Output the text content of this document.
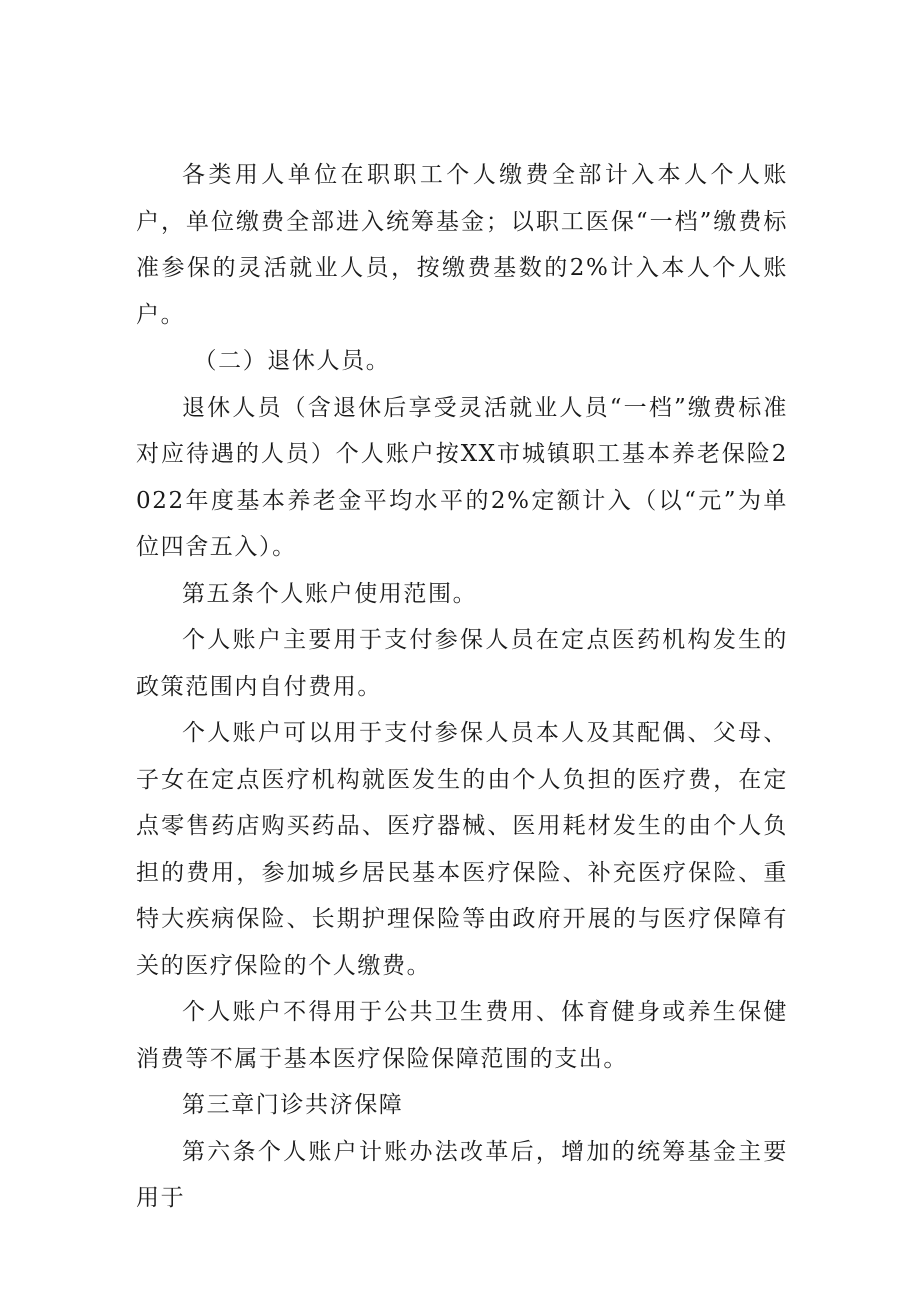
各类用人单位在职职工个人缴费全部计入本人个人账户，单位缴费全部进入统筹基金；以职工医保“一档”缴费标准参保的灵活就业人员，按缴费基数的2%计入本人个人账户。

（二）退休人员。

退休人员（含退休后享受灵活就业人员“一档”缴费标准对应待遇的人员）个人账户按XX市城镇职工基本养老保险2022年度基本养老金平均水平的2%定额计入（以“元”为单位四舍五入）。

第五条个人账户使用范围。

个人账户主要用于支付参保人员在定点医药机构发生的政策范围内自付费用。

个人账户可以用于支付参保人员本人及其配偶、父母、子女在定点医疗机构就医发生的由个人负担的医疗费，在定点零售药店购买药品、医疗器械、医用耗材发生的由个人负担的费用，参加城乡居民基本医疗保险、补充医疗保险、重特大疾病保险、长期护理保险等由政府开展的与医疗保障有关的医疗保险的个人缴费。

个人账户不得用于公共卫生费用、体育健身或养生保健消费等不属于基本医疗保险保障范围的支出。

第三章门诊共济保障

第六条个人账户计账办法改革后，增加的统筹基金主要用于
